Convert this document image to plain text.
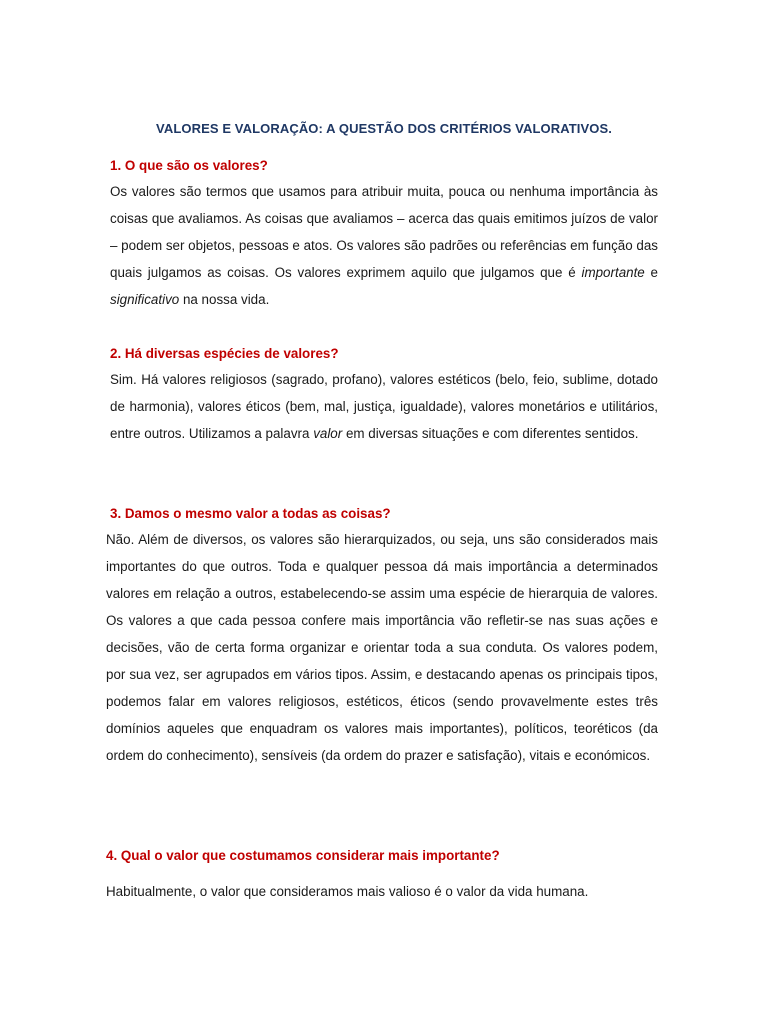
VALORES E VALORAÇÃO: A QUESTÃO DOS CRITÉRIOS VALORATIVOS.
1. O que são os valores?

Os valores são termos que usamos para atribuir muita, pouca ou nenhuma importância às coisas que avaliamos. As coisas que avaliamos – acerca das quais emitimos juízos de valor – podem ser objetos, pessoas e atos. Os valores são padrões ou referências em função das quais julgamos as coisas. Os valores exprimem aquilo que julgamos que é importante e significativo na nossa vida.

2. Há diversas espécies de valores?

Sim. Há valores religiosos (sagrado, profano), valores estéticos (belo, feio, sublime, dotado de harmonia), valores éticos (bem, mal, justiça, igualdade), valores monetários e utilitários, entre outros. Utilizamos a palavra valor em diversas situações e com diferentes sentidos.

3. Damos o mesmo valor a todas as coisas?

Não. Além de diversos, os valores são hierarquizados, ou seja, uns são considerados mais importantes do que outros. Toda e qualquer pessoa dá mais importância a determinados valores em relação a outros, estabelecendo-se assim uma espécie de hierarquia de valores. Os valores a que cada pessoa confere mais importância vão refletir-se nas suas ações e decisões, vão de certa forma organizar e orientar toda a sua conduta. Os valores podem, por sua vez, ser agrupados em vários tipos. Assim, e destacando apenas os principais tipos, podemos falar em valores religiosos, estéticos, éticos (sendo provavelmente estes três domínios aqueles que enquadram os valores mais importantes), políticos, teoréticos (da ordem do conhecimento), sensíveis (da ordem do prazer e satisfação), vitais e económicos.

4. Qual o valor que costumamos considerar mais importante?

Habitualmente, o valor que consideramos mais valioso é o valor da vida humana.
